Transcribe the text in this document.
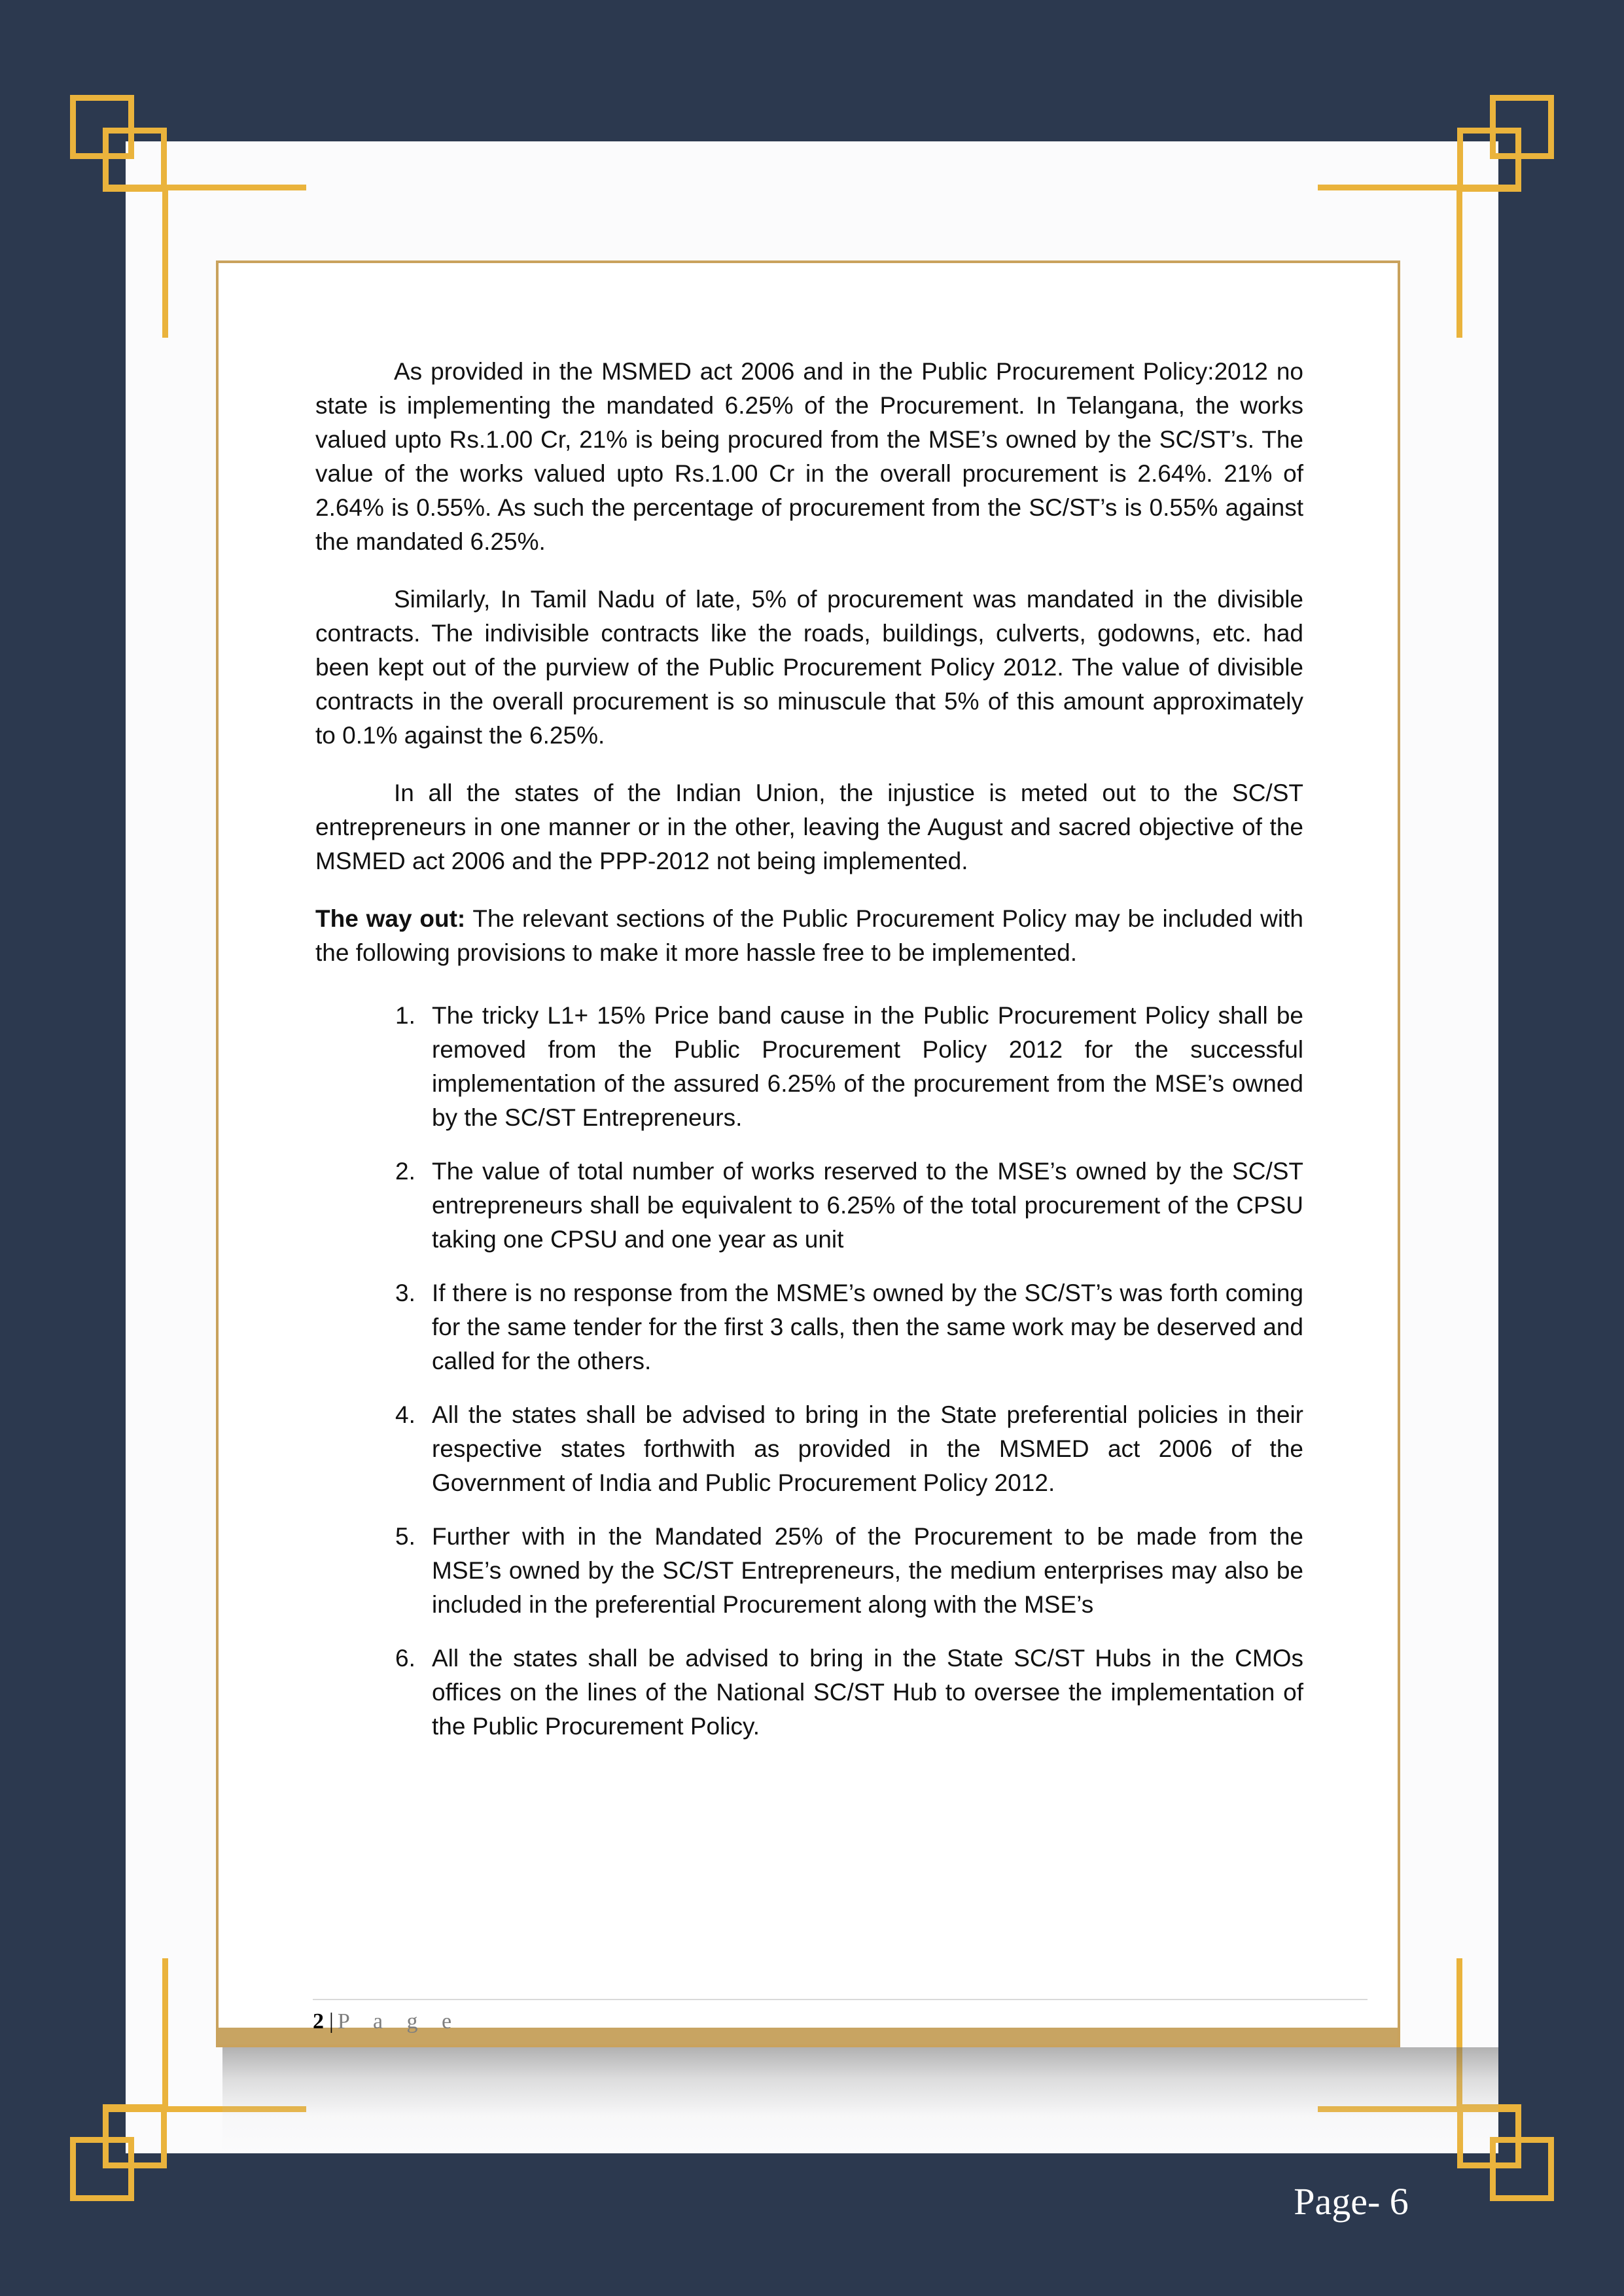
As provided in the MSMED act 2006 and in the Public Procurement Policy:2012 no state is implementing the mandated 6.25% of the Procurement. In Telangana, the works valued upto Rs.1.00 Cr, 21% is being procured from the MSE’s owned by the SC/ST’s. The value of the works valued upto Rs.1.00 Cr in the overall procurement is 2.64%. 21% of 2.64% is 0.55%. As such the percentage of procurement from the SC/ST’s is 0.55% against the mandated 6.25%.

Similarly, In Tamil Nadu of late, 5% of procurement was mandated in the divisible contracts. The indivisible contracts like the roads, buildings, culverts, godowns, etc. had been kept out of the purview of the Public Procurement Policy 2012. The value of divisible contracts in the overall procurement is so minuscule that 5% of this amount approximately to 0.1% against the 6.25%.

In all the states of the Indian Union, the injustice is meted out to the SC/ST entrepreneurs in one manner or in the other, leaving the August and sacred objective of the MSMED act 2006 and the PPP-2012 not being implemented.

The way out: The relevant sections of the Public Procurement Policy may be included with the following provisions to make it more hassle free to be implemented.

1. The tricky L1+ 15% Price band cause in the Public Procurement Policy shall be removed from the Public Procurement Policy 2012 for the successful implementation of the assured 6.25% of the procurement from the MSE’s owned by the SC/ST Entrepreneurs.
2. The value of total number of works reserved to the MSE’s owned by the SC/ST entrepreneurs shall be equivalent to 6.25% of the total procurement of the CPSU taking one CPSU and one year as unit
3. If there is no response from the MSME’s owned by the SC/ST’s was forth coming for the same tender for the first 3 calls, then the same work may be deserved and called for the others.
4. All the states shall be advised to bring in the State preferential policies in their respective states forthwith as provided in the MSMED act 2006 of the Government of India and Public Procurement Policy 2012.
5. Further with in the Mandated 25% of the Procurement to be made from the MSE’s owned by the SC/ST Entrepreneurs, the medium enterprises may also be included in the preferential Procurement along with the MSE’s
6. All the states shall be advised to bring in the State SC/ST Hubs in the CMOs offices on the lines of the National SC/ST Hub to oversee the implementation of the Public Procurement Policy.
2 | P a g e
Page- 6
